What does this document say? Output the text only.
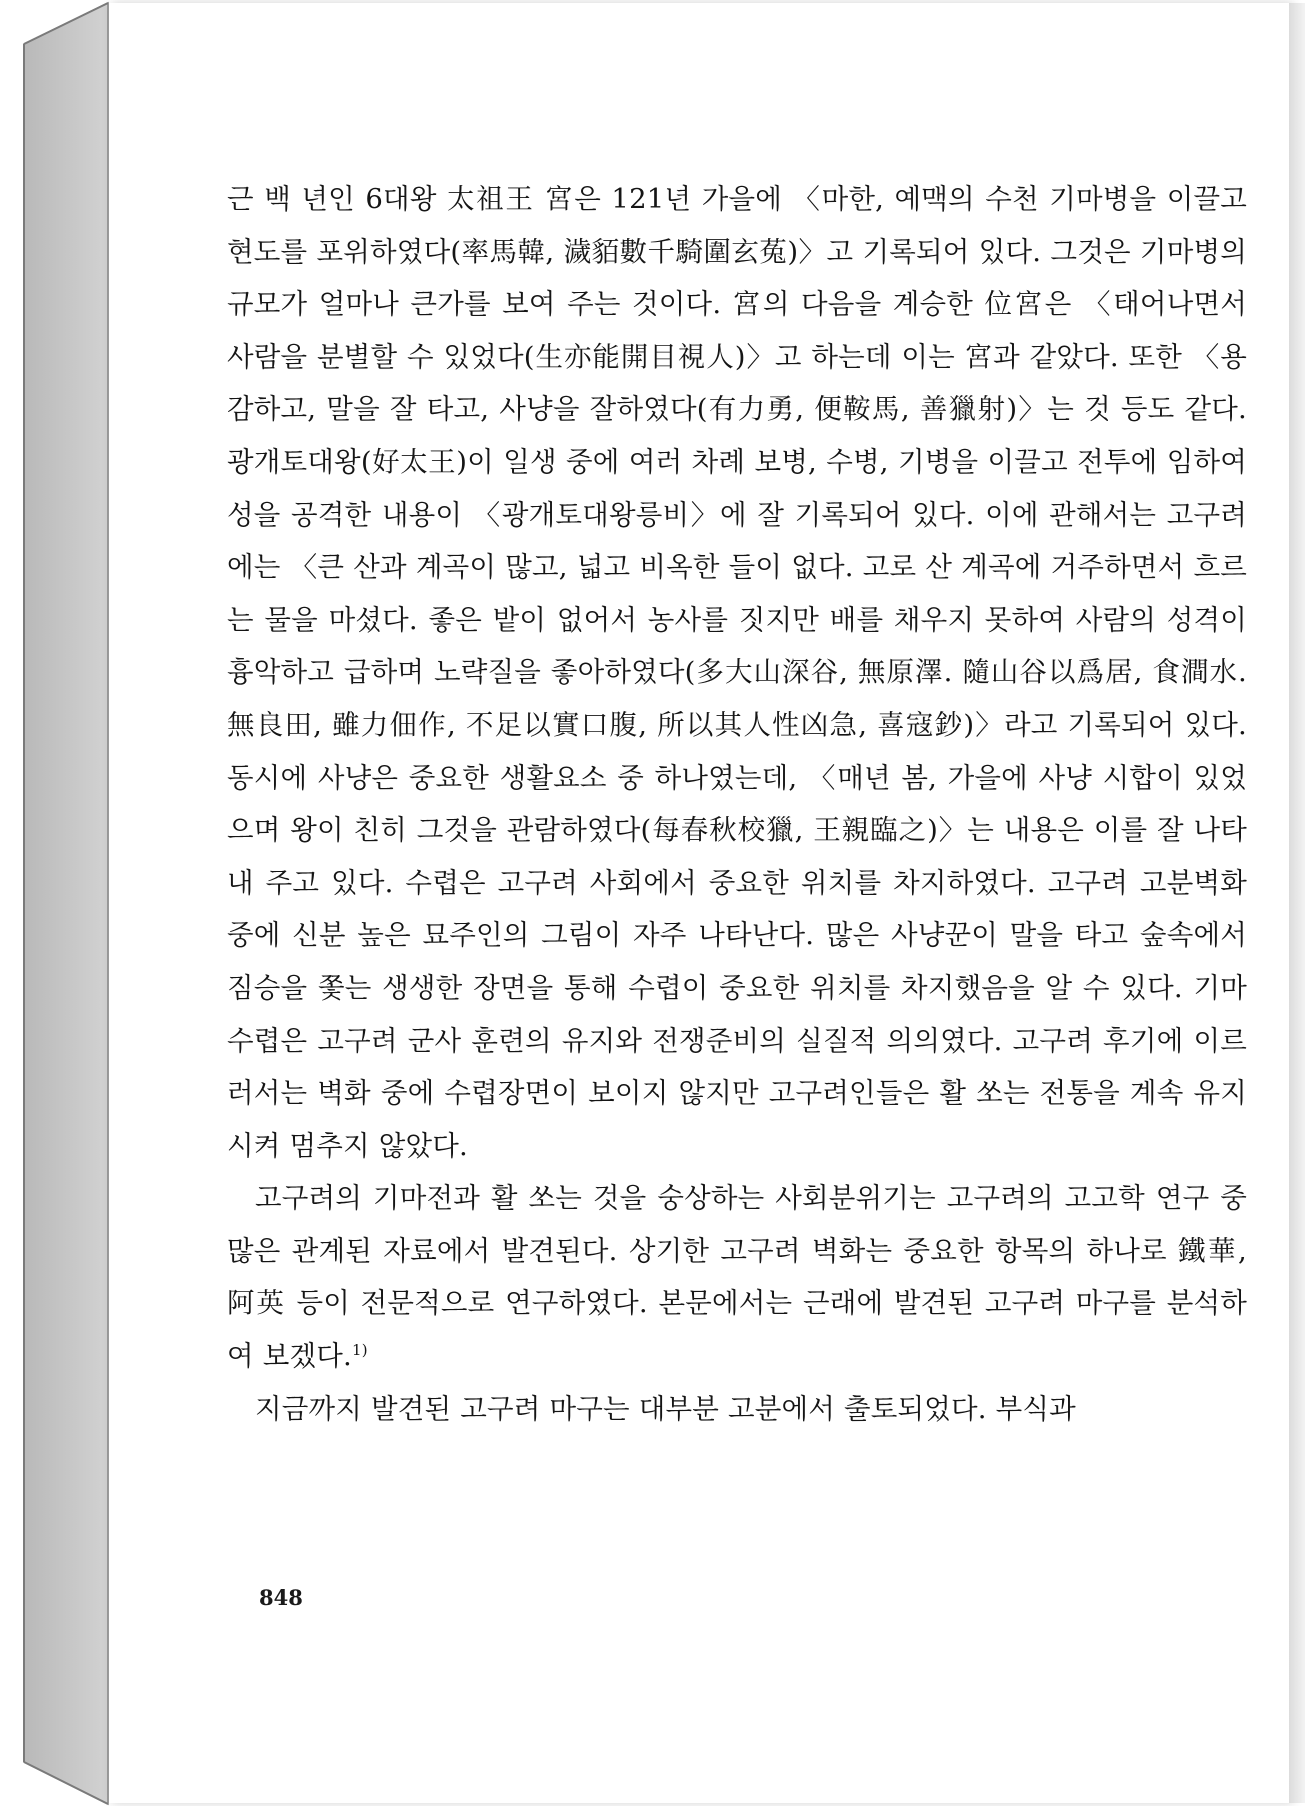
근 백 년인 6대왕 太祖王 宮은 121년 가을에 〈마한, 예맥의 수천 기마병을 이끌고 현도를 포위하였다(率馬韓, 濊貊數千騎圍玄菟)〉고 기록되어 있다. 그것은 기마병의 규모가 얼마나 큰가를 보여 주는 것이다. 宮의 다음을 계승한 位宮은 〈태어나면서 사람을 분별할 수 있었다(生亦能開目視人)〉고 하는데 이는 宮과 같았다. 또한 〈용감하고, 말을 잘 타고, 사냥을 잘하였다(有力勇, 便鞍馬, 善獵射)〉는 것 등도 같다. 광개토대왕(好太王)이 일생 중에 여러 차례 보병, 수병, 기병을 이끌고 전투에 임하여 성을 공격한 내용이 〈광개토대왕릉비〉에 잘 기록되어 있다. 이에 관해서는 고구려에는 〈큰 산과 계곡이 많고, 넓고 비옥한 들이 없다. 고로 산 계곡에 거주하면서 흐르는 물을 마셨다. 좋은 밭이 없어서 농사를 짓지만 배를 채우지 못하여 사람의 성격이 흉악하고 급하며 노략질을 좋아하였다(多大山深谷, 無原澤. 隨山谷以爲居, 食澗水. 無良田, 雖力佃作, 不足以實口腹, 所以其人性凶急, 喜寇鈔)〉라고 기록되어 있다. 동시에 사냥은 중요한 생활요소 중 하나였는데, 〈매년 봄, 가을에 사냥 시합이 있었으며 왕이 친히 그것을 관람하였다(每春秋校獵, 王親臨之)〉는 내용은 이를 잘 나타내 주고 있다. 수렵은 고구려 사회에서 중요한 위치를 차지하였다. 고구려 고분벽화 중에 신분 높은 묘주인의 그림이 자주 나타난다. 많은 사냥꾼이 말을 타고 숲속에서 짐승을 쫓는 생생한 장면을 통해 수렵이 중요한 위치를 차지했음을 알 수 있다. 기마 수렵은 고구려 군사 훈련의 유지와 전쟁준비의 실질적 의의였다. 고구려 후기에 이르러서는 벽화 중에 수렵장면이 보이지 않지만 고구려인들은 활 쏘는 전통을 계속 유지시켜 멈추지 않았다.

고구려의 기마전과 활 쏘는 것을 숭상하는 사회분위기는 고구려의 고고학 연구 중 많은 관계된 자료에서 발견된다. 상기한 고구려 벽화는 중요한 항목의 하나로 鐵華, 阿英 등이 전문적으로 연구하였다. 본문에서는 근래에 발견된 고구려 마구를 분석하여 보겠다.$^{1)}$

지금까지 발견된 고구려 마구는 대부분 고분에서 출토되었다. 부식과

848
